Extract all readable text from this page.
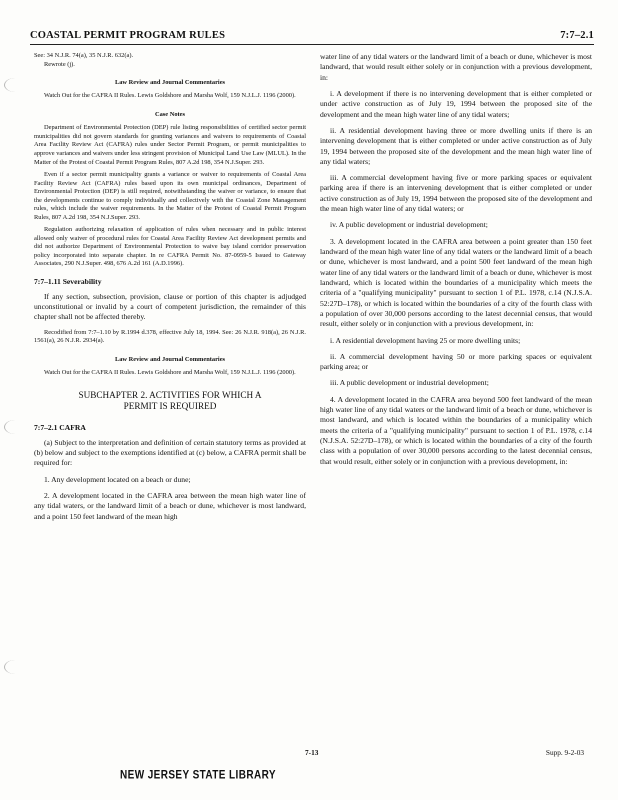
COASTAL PERMIT PROGRAM RULES	7:7–2.1

See: 34 N.J.R. 74(a), 35 N.J.R. 632(a).

Rewrote (j).

Law Review and Journal Commentaries

Watch Out for the CAFRA II Rules. Lewis Goldshore and Marsha Wolf, 159 N.J.L.J. 1196 (2000).

Case Notes

Department of Environmental Protection (DEP) rule listing responsibilities of certified sector permit municipalities did not govern standards for granting variances and waivers to requirements of Coastal Area Facility Review Act (CAFRA) rules under Sector Permit Program, or permit municipalities to approve variances and waivers under less stringent provision of Municipal Land Use Law (MLUL). In the Matter of the Protest of Coastal Permit Program Rules, 807 A.2d 198, 354 N.J.Super. 293.

Even if a sector permit municipality grants a variance or waiver to requirements of Coastal Area Facility Review Act (CAFRA) rules based upon its own municipal ordinances, Department of Environmental Protection (DEP) is still required, notwithstanding the waiver or variance, to ensure that the developments continue to comply individually and collectively with the Coastal Zone Management rules, which include the waiver requirements. In the Matter of the Protest of Coastal Permit Program Rules, 807 A.2d 198, 354 N.J.Super. 293.

Regulation authorizing relaxation of application of rules when necessary and in public interest allowed only waiver of procedural rules for Coastal Area Facility Review Act development permits and did not authorize Department of Environmental Protection to waive bay island corridor preservation policy incorporated into separate chapter. In re CAFRA Permit No. 87-0959-5 Issued to Gateway Associates, 290 N.J.Super. 498, 676 A.2d 161 (A.D.1996).

7:7–1.11 Severability

If any section, subsection, provision, clause or portion of this chapter is adjudged unconstitutional or invalid by a court of competent jurisdiction, the remainder of this chapter shall not be affected thereby.

Recodified from 7:7–1.10 by R.1994 d.378, effective July 18, 1994. See: 26 N.J.R. 918(a), 26 N.J.R. 1561(a), 26 N.J.R. 2934(a).

Law Review and Journal Commentaries

Watch Out for the CAFRA II Rules. Lewis Goldshore and Marsha Wolf, 159 N.J.L.J. 1196 (2000).

SUBCHAPTER 2. ACTIVITIES FOR WHICH A
PERMIT IS REQUIRED
7:7–2.1 CAFRA

(a) Subject to the interpretation and definition of certain statutory terms as provided at (b) below and subject to the exemptions identified at (c) below, a CAFRA permit shall be required for:

1. Any development located on a beach or dune;

2. A development located in the CAFRA area between the mean high water line of any tidal waters, or the landward limit of a beach or dune, whichever is most landward, and a point 150 feet landward of the mean high

water line of any tidal waters or the landward limit of a beach or dune, whichever is most landward, that would result either solely or in conjunction with a previous development, in:

i. A development if there is no intervening development that is either completed or under active construction as of July 19, 1994 between the proposed site of the development and the mean high water line of any tidal waters;

ii. A residential development having three or more dwelling units if there is an intervening development that is either completed or under active construction as of July 19, 1994 between the proposed site of the development and the mean high water line of any tidal waters;

iii. A commercial development having five or more parking spaces or equivalent parking area if there is an intervening development that is either completed or under active construction as of July 19, 1994 between the proposed site of the development and the mean high water line of any tidal waters; or

iv. A public development or industrial development;

3. A development located in the CAFRA area between a point greater than 150 feet landward of the mean high water line of any tidal waters or the landward limit of a beach or dune, whichever is most landward, and a point 500 feet landward of the mean high water line of any tidal waters or the landward limit of a beach or dune, whichever is most landward, which is located within the boundaries of a municipality which meets the criteria of a "qualifying municipality" pursuant to section 1 of P.L. 1978, c.14 (N.J.S.A. 52:27D–178), or which is located within the boundaries of a city of the fourth class with a population of over 30,000 persons according to the latest decennial census, that would result, either solely or in conjunction with a previous development, in:

i. A residential development having 25 or more dwelling units;

ii. A commercial development having 50 or more parking spaces or equivalent parking area; or

iii. A public development or industrial development;

4. A development located in the CAFRA area beyond 500 feet landward of the mean high water line of any tidal waters or the landward limit of a beach or dune, whichever is most landward, and which is located within the boundaries of a municipality which meets the criteria of a "qualifying municipality" pursuant to section 1 of P.L. 1978, c.14 (N.J.S.A. 52:27D–178), or which is located within the boundaries of a city of the fourth class with a population of over 30,000 persons according to the latest decennial census, that would result, either solely or in conjunction with a previous development, in:

7-13	Supp. 9-2-03
NEW JERSEY STATE LIBRARY
